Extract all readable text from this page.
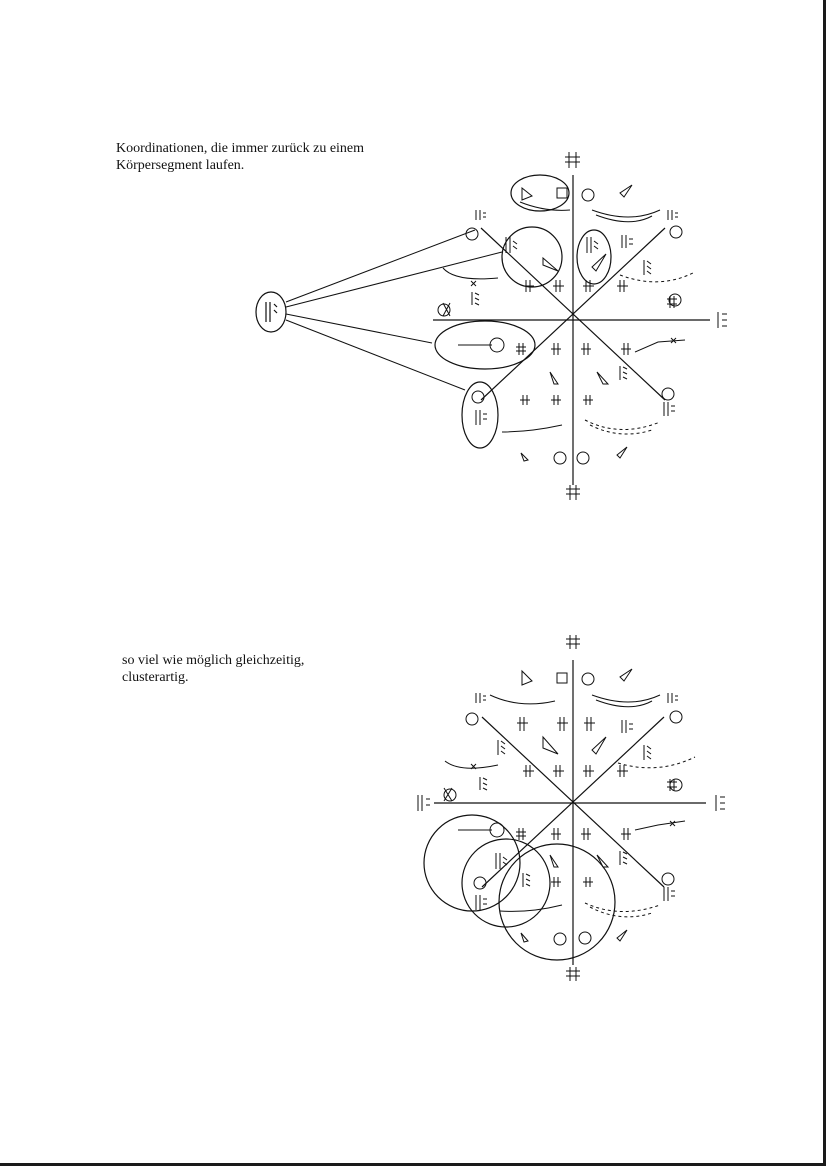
Koordinationen, die immer zurück zu einem
Körpersegment laufen.

so viel wie möglich gleichzeitig,
clusterartig.
